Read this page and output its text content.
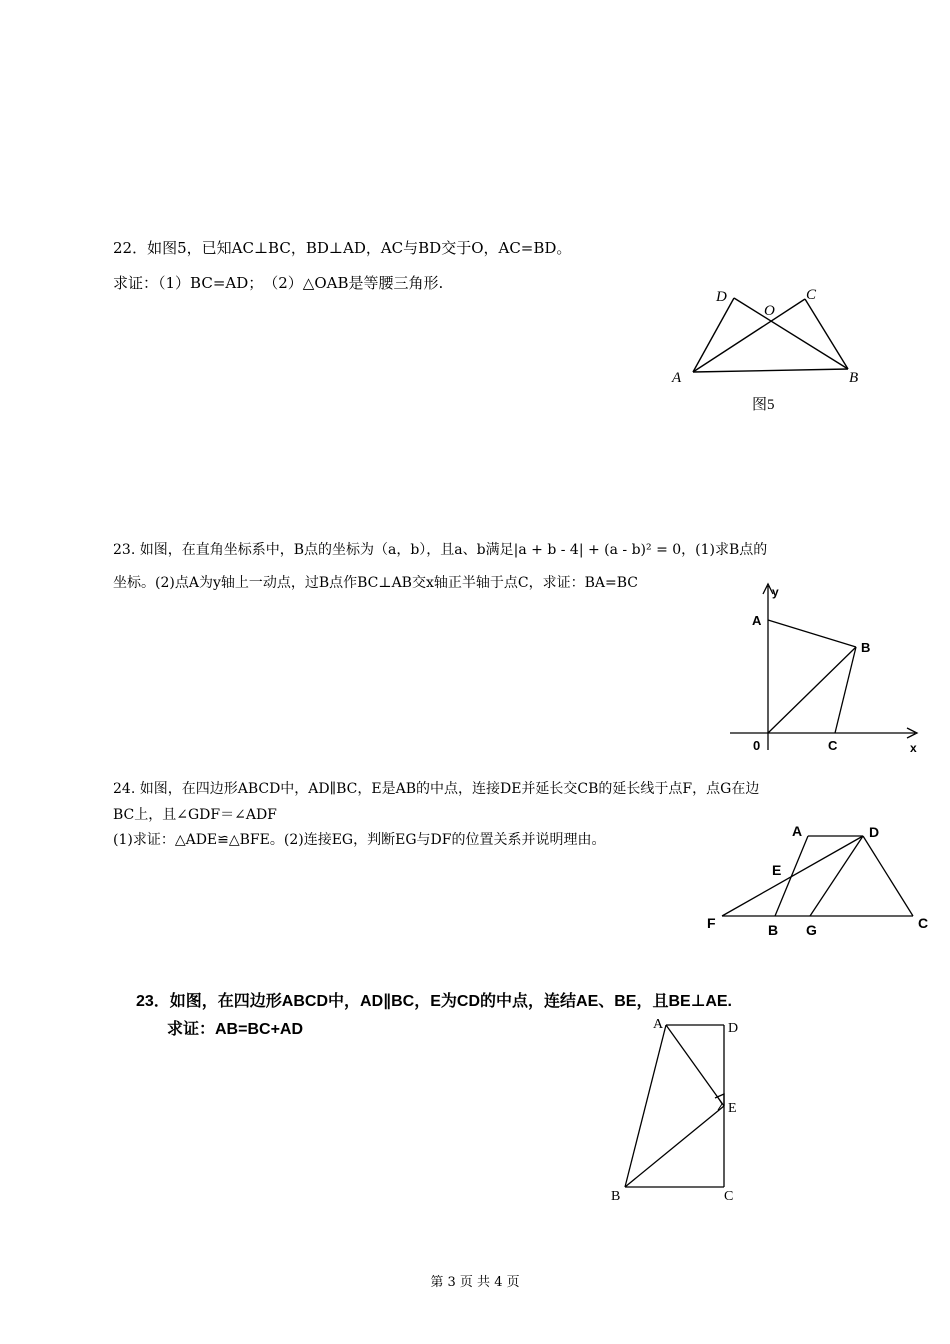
22．如图5，已知AC⊥BC，BD⊥AD，AC与BD交于O，AC=BD。
求证：（1）BC=AD；　（2）△OAB是等腰三角形.
D
O
C
A	B
图5
23. 如图，在直角坐标系中，B点的坐标为（a，b），且a、b满足|a + b - 4| + (a - b)² = 0，(1)求B点的
坐标。(2)点A为y轴上一动点，过B点作BC⊥AB交x轴正半轴于点C，求证：BA=BC
y
A
B
0	C	x
24. 如图，在四边形ABCD中，AD∥BC，E是AB的中点，连接DE并延长交CB的延长线于点F，点G在边
BC上，且∠GDF＝∠ADF
(1)求证：△ADE≌△BFE。(2)连接EG，判断EG与DF的位置关系并说明理由。
A	D
E
F	B G	C
23．如图，在四边形ABCD中，AD∥BC，E为CD的中点，连结AE、BE，且BE⊥AE.
求证：AB=BC+AD	A	D
E
B	C
第 3 页 共 4 页
